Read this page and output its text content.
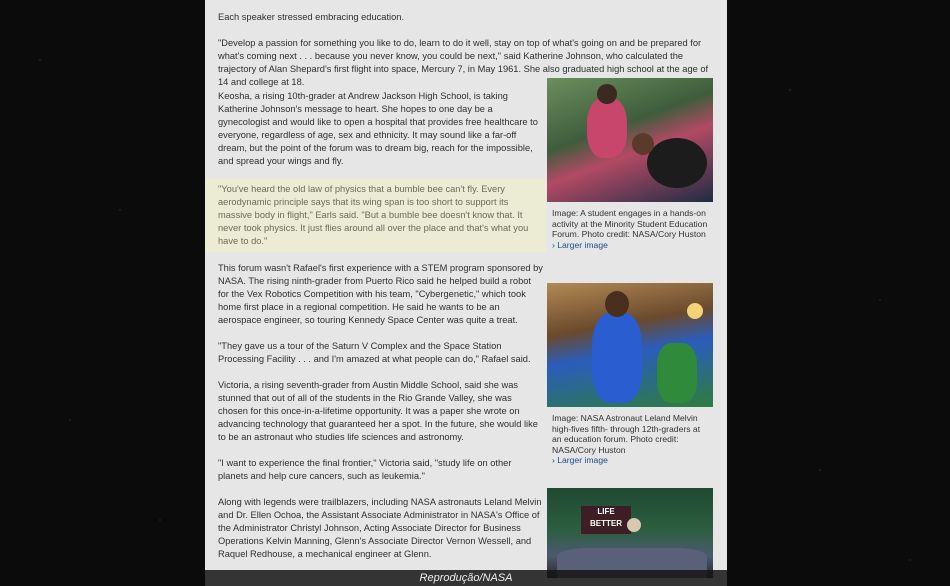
Each speaker stressed embracing education.

"Develop a passion for something you like to do, learn to do it well, stay on top of what's going on and be prepared for what's coming next . . . because you never know, you could be next," said Katherine Johnson, who calculated the trajectory of Alan Shepard's first flight into space, Mercury 7, in May 1961. She also graduated high school at the age of 14 and college at 18.

Keosha, a rising 10th-grader at Andrew Jackson High School, is taking Katherine Johnson's message to heart. She hopes to one day be a gynecologist and would like to open a hospital that provides free healthcare to everyone, regardless of age, sex and ethnicity. It may sound like a far-off dream, but the point of the forum was to dream big, reach for the impossible, and spread your wings and fly.

"You've heard the old law of physics that a bumble bee can't fly. Every aerodynamic principle says that its wing span is too short to support its massive body in flight," Earls said. "But a bumble bee doesn't know that. It never took physics. It just flies around all over the place and that's what you have to do."

This forum wasn't Rafael's first experience with a STEM program sponsored by NASA. The rising ninth-grader from Puerto Rico said he helped build a robot for the Vex Robotics Competition with his team, "Cybergenetic," which took home first place in a regional competition. He said he wants to be an aerospace engineer, so touring Kennedy Space Center was quite a treat.

"They gave us a tour of the Saturn V Complex and the Space Station Processing Facility . . . and I'm amazed at what people can do," Rafael said.

Victoria, a rising seventh-grader from Austin Middle School, said she was stunned that out of all of the students in the Rio Grande Valley, she was chosen for this once-in-a-lifetime opportunity. It was a paper she wrote on advancing technology that guaranteed her a spot. In the future, she would like to be an astronaut who studies life sciences and astronomy.

"I want to experience the final frontier," Victoria said, "study life on other planets and help cure cancers, such as leukemia."

Along with legends were trailblazers, including NASA astronauts Leland Melvin and Dr. Ellen Ochoa, the Assistant Associate Administrator in NASA's Office of the Administrator Christyl Johnson, Acting Associate Director for Business Operations Kelvin Manning, Glenn's Associate Director Vernon Wessell, and Raquel Redhouse, a mechanical engineer at Glenn.

Image: A student engages in a hands-on activity at the Minority Student Education Forum. Photo credit: NASA/Cory Huston
› Larger image
Image: NASA Astronaut Leland Melvin high-fives fifth- through 12th-graders at an education forum. Photo credit: NASA/Cory Huston
› Larger image
LIFE BETTER
Reprodução/NASA
